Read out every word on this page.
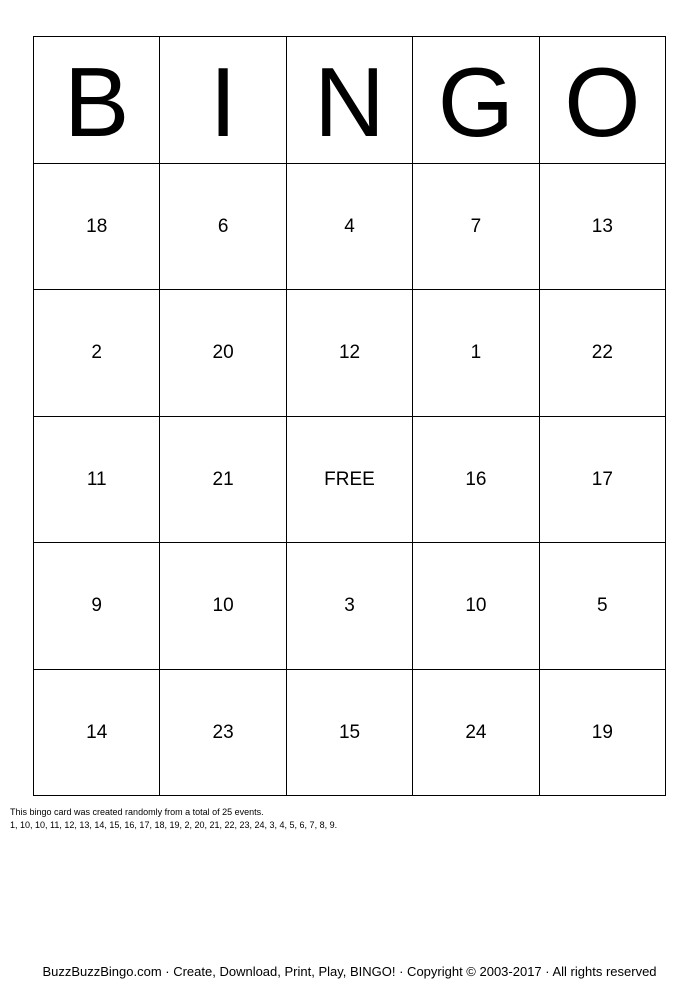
B I N G O
18	6	4	7	13
2	20	12	1	22
11	21	FREE	16	17
9	10	3	10	5
14	23	15	24	19
This bingo card was created randomly from a total of 25 events.
1, 10, 10, 11, 12, 13, 14, 15, 16, 17, 18, 19, 2, 20, 21, 22, 23, 24, 3, 4, 5, 6, 7, 8, 9.
BuzzBuzzBingo.com · Create, Download, Print, Play, BINGO! · Copyright © 2003-2017 · All rights reserved
